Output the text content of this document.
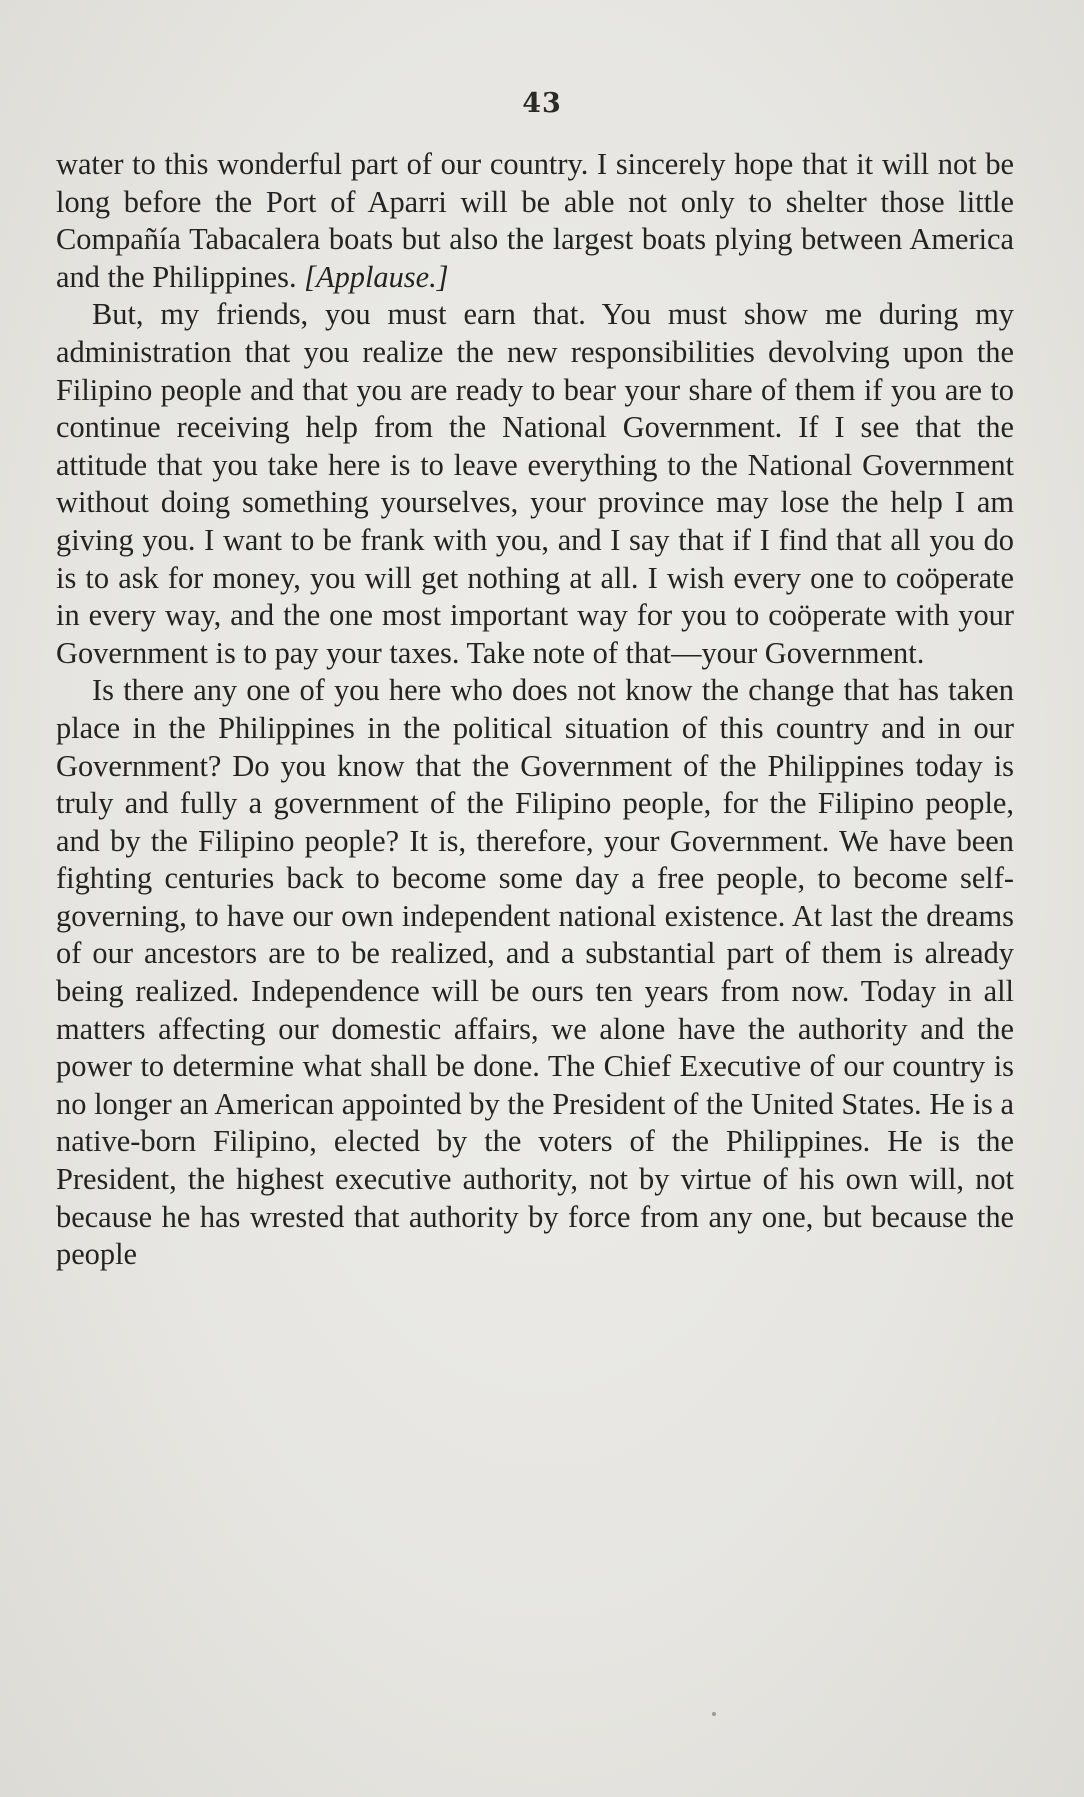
43

water to this wonderful part of our country. I sincerely hope that it will not be long before the Port of Aparri will be able not only to shelter those little Compañía Tabacalera boats but also the largest boats plying between America and the Philippines. [Applause.]

But, my friends, you must earn that. You must show me during my administration that you realize the new responsibilities devolving upon the Filipino people and that you are ready to bear your share of them if you are to continue receiving help from the National Government. If I see that the attitude that you take here is to leave everything to the National Government without doing something yourselves, your province may lose the help I am giving you. I want to be frank with you, and I say that if I find that all you do is to ask for money, you will get nothing at all. I wish every one to coöperate in every way, and the one most important way for you to coöperate with your Government is to pay your taxes. Take note of that—your Government.

Is there any one of you here who does not know the change that has taken place in the Philippines in the political situation of this country and in our Government? Do you know that the Government of the Philippines today is truly and fully a government of the Filipino people, for the Filipino people, and by the Filipino people? It is, therefore, your Government. We have been fighting centuries back to become some day a free people, to become self-governing, to have our own independent national existence. At last the dreams of our ancestors are to be realized, and a substantial part of them is already being realized. Independence will be ours ten years from now. Today in all matters affecting our domestic affairs, we alone have the authority and the power to determine what shall be done. The Chief Executive of our country is no longer an American appointed by the President of the United States. He is a native-born Filipino, elected by the voters of the Philippines. He is the President, the highest executive authority, not by virtue of his own will, not because he has wrested that authority by force from any one, but because the people
